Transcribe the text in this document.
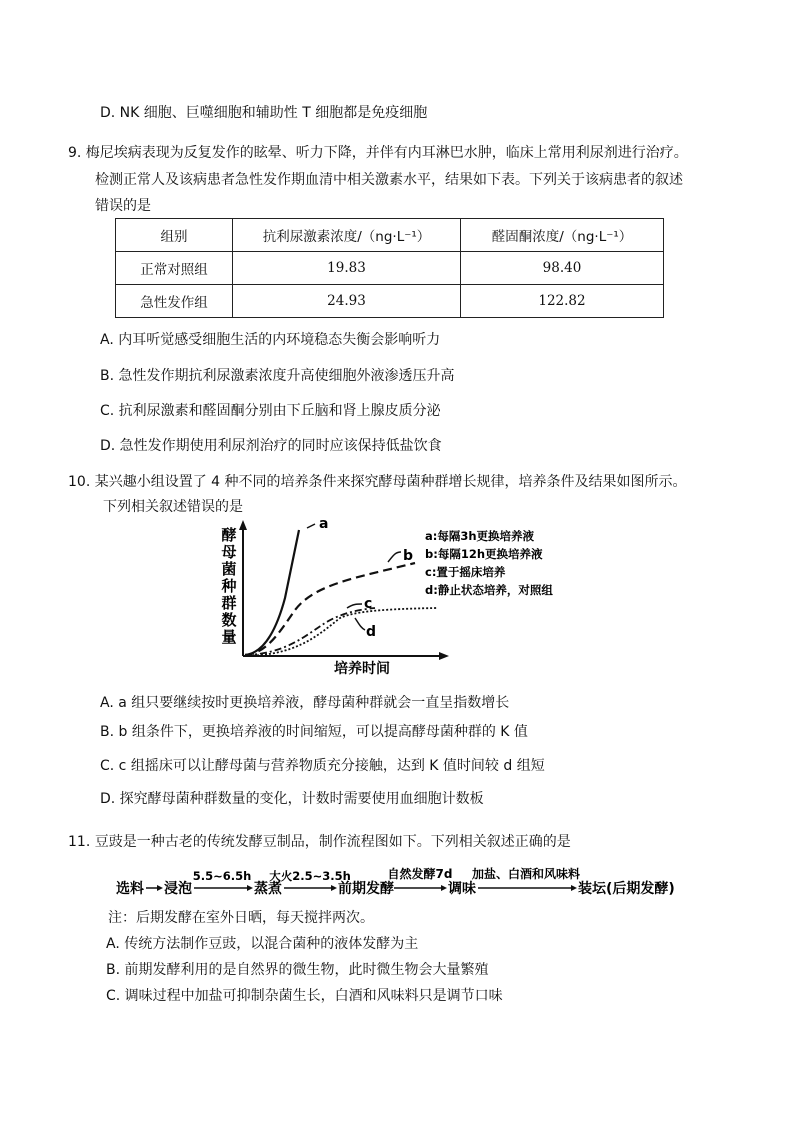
D. NK 细胞、巨噬细胞和辅助性 T 细胞都是免疫细胞
9. 梅尼埃病表现为反复发作的眩晕、听力下降，并伴有内耳淋巴水肿，临床上常用利尿剂进行治疗。
检测正常人及该病患者急性发作期血清中相关激素水平，结果如下表。下列关于该病患者的叙述
错误的是
组别	抗利尿激素浓度/（ng·L⁻¹）	醛固酮浓度/（ng·L⁻¹）
正常对照组	19.83	98.40
急性发作组	24.93	122.82
A. 内耳听觉感受细胞生活的内环境稳态失衡会影响听力
B. 急性发作期抗利尿激素浓度升高使细胞外液渗透压升高
C. 抗利尿激素和醛固酮分别由下丘脑和肾上腺皮质分泌
D. 急性发作期使用利尿剂治疗的同时应该保持低盐饮食
10. 某兴趣小组设置了 4 种不同的培养条件来探究酵母菌种群增长规律，培养条件及结果如图所示。
下列相关叙述错误的是
酵母菌种群数量
培养时间
a
b
c
d
a:每隔3h更换培养液
b:每隔12h更换培养液
c:置于摇床培养
d:静止状态培养，对照组
A. a 组只要继续按时更换培养液，酵母菌种群就会一直呈指数增长
B. b 组条件下，更换培养液的时间缩短，可以提高酵母菌种群的 K 值
C. c 组摇床可以让酵母菌与营养物质充分接触，达到 K 值时间较 d 组短
D. 探究酵母菌种群数量的变化，计数时需要使用血细胞计数板
11. 豆豉是一种古老的传统发酵豆制品，制作流程图如下。下列相关叙述正确的是
选料 浸泡	蒸煮	前期发酵	调味	装坛(后期发酵)
5.5~6.5h 大火2.5~3.5h	自然发酵7d 加盐、白酒和风味料
注：后期发酵在室外日晒，每天搅拌两次。
A. 传统方法制作豆豉，以混合菌种的液体发酵为主
B. 前期发酵利用的是自然界的微生物，此时微生物会大量繁殖
C. 调味过程中加盐可抑制杂菌生长，白酒和风味料只是调节口味
